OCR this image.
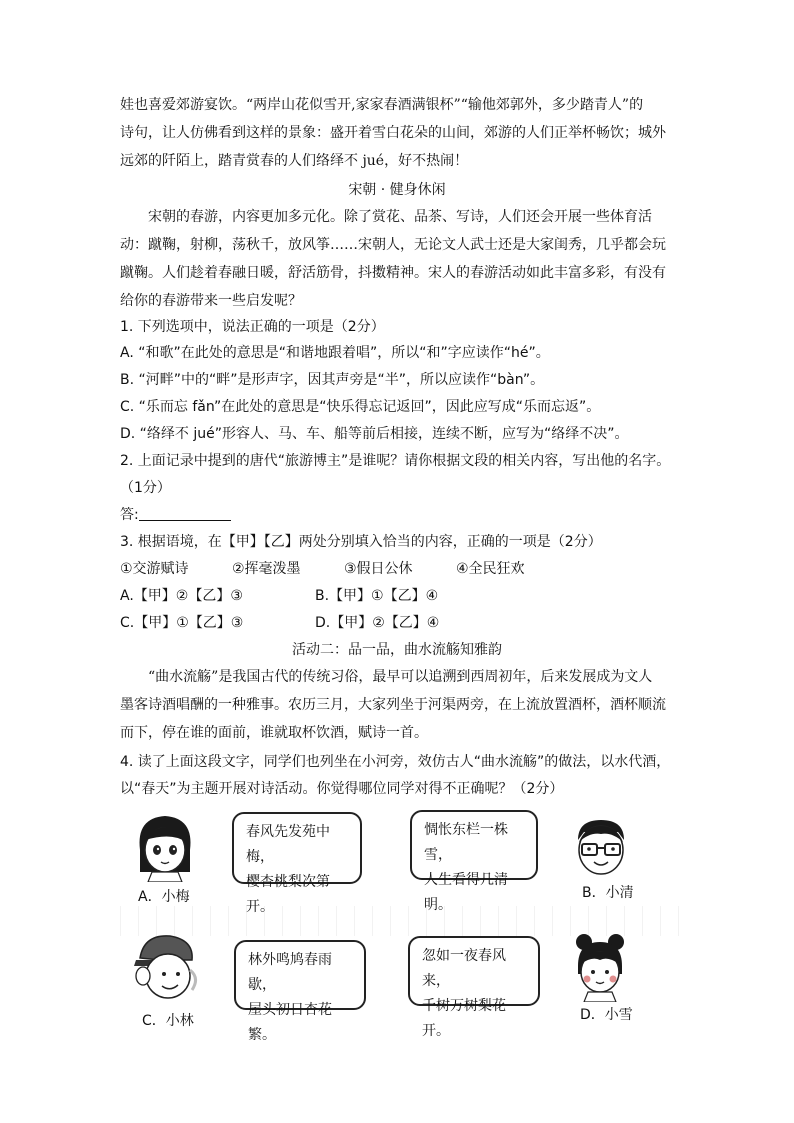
娃也喜爱郊游宴饮。“两岸山花似雪开,家家春酒满银杯”“输他郊郭外，多少踏青人”的
诗句，让人仿佛看到这样的景象：盛开着雪白花朵的山间，郊游的人们正举杯畅饮；城外
远郊的阡陌上，踏青赏春的人们络绎不 jué，好不热闹！
宋朝 · 健身休闲
宋朝的春游，内容更加多元化。除了赏花、品茶、写诗，人们还会开展一些体育活
动：蹴鞠，射柳，荡秋千，放风筝……宋朝人，无论文人武士还是大家闺秀，几乎都会玩
蹴鞠。人们趁着春融日暖，舒活筋骨，抖擞精神。宋人的春游活动如此丰富多彩，有没有
给你的春游带来一些启发呢？
1. 下列选项中，说法正确的一项是（2分）
A. “和歌”在此处的意思是“和谐地跟着唱”，所以“和”字应读作“hé”。
B. “河畔”中的“畔”是形声字，因其声旁是“半”，所以应读作“bàn”。
C. “乐而忘 fǎn”在此处的意思是“快乐得忘记返回”，因此应写成“乐而忘返”。
D. “络绎不 jué”形容人、马、车、船等前后相接，连续不断，应写为“络绎不决”。
2. 上面记录中提到的唐代“旅游博主”是谁呢？请你根据文段的相关内容，写出他的名字。
（1分）
答:
3. 根据语境，在【甲】【乙】两处分别填入恰当的内容，正确的一项是（2分）
①交游赋诗	②挥毫泼墨	③假日公休	④全民狂欢
A.【甲】②【乙】③	B.【甲】①【乙】④
C.【甲】①【乙】③	D.【甲】②【乙】④
活动二：品一品，曲水流觞知雅韵
“曲水流觞”是我国古代的传统习俗，最早可以追溯到西周初年，后来发展成为文人
墨客诗酒唱酬的一种雅事。农历三月，大家列坐于河渠两旁，在上流放置酒杯，酒杯顺流
而下，停在谁的面前，谁就取杯饮酒，赋诗一首。
4. 读了上面这段文字，同学们也列坐在小河旁，效仿古人“曲水流觞”的做法，以水代酒，
以“春天”为主题开展对诗活动。你觉得哪位同学对得不正确呢？（2分）
A．小梅
春风先发苑中梅，
樱杏桃梨次第开。
惆怅东栏一株雪，
人生看得几清明。
B．小清
C．小林
林外鸣鸠春雨歇，
屋头初日杏花繁。
忽如一夜春风来，
千树万树梨花开。
D．小雪
